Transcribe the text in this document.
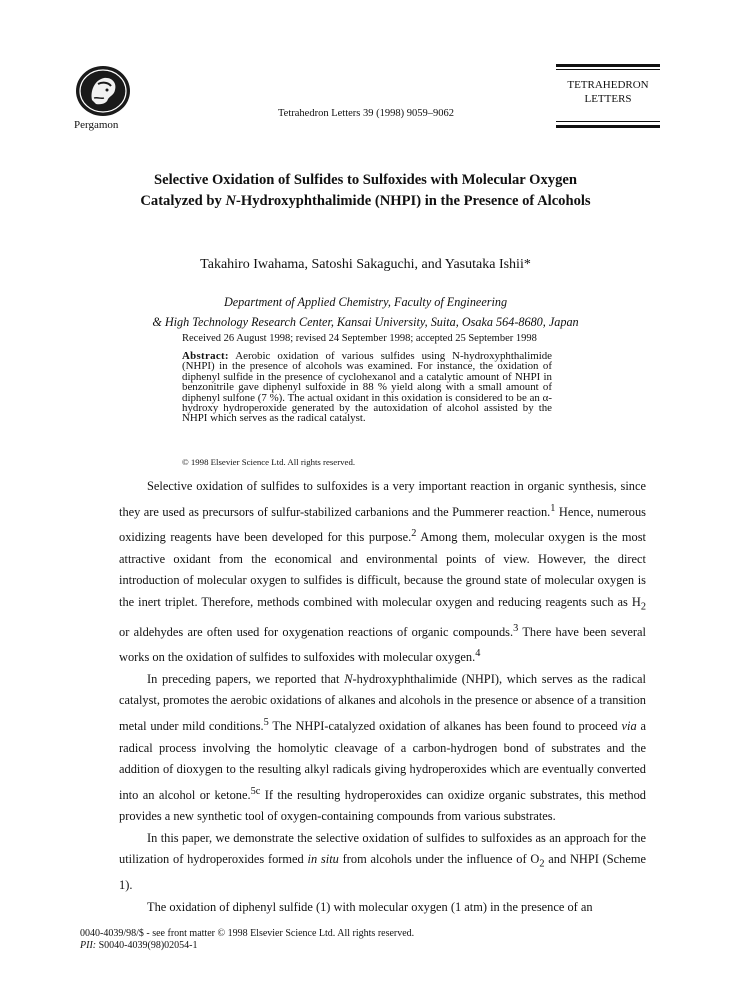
Pergamon
Tetrahedron Letters 39 (1998) 9059–9062
TETRAHEDRON
LETTERS
Selective Oxidation of Sulfides to Sulfoxides with Molecular Oxygen
Catalyzed by N-Hydroxyphthalimide (NHPI) in the Presence of Alcohols
Takahiro Iwahama, Satoshi Sakaguchi, and Yasutaka Ishii*
Department of Applied Chemistry, Faculty of Engineering
& High Technology Research Center, Kansai University, Suita, Osaka 564-8680, Japan
Received 26 August 1998; revised 24 September 1998; accepted 25 September 1998
Abstract: Aerobic oxidation of various sulfides using N-hydroxyphthalimide (NHPI) in the presence of alcohols was examined. For instance, the oxidation of diphenyl sulfide in the presence of cyclohexanol and a catalytic amount of NHPI in benzonitrile gave diphenyl sulfoxide in 88 % yield along with a small amount of diphenyl sulfone (7 %). The actual oxidant in this oxidation is considered to be an α-hydroxy hydroperoxide generated by the autoxidation of alcohol assisted by the NHPI which serves as the radical catalyst.
© 1998 Elsevier Science Ltd. All rights reserved.

Selective oxidation of sulfides to sulfoxides is a very important reaction in organic synthesis, since they are used as precursors of sulfur-stabilized carbanions and the Pummerer reaction.$^1$ Hence, numerous oxidizing reagents have been developed for this purpose.$^2$ Among them, molecular oxygen is the most attractive oxidant from the economical and environmental points of view. However, the direct introduction of molecular oxygen to sulfides is difficult, because the ground state of molecular oxygen is the inert triplet. Therefore, methods combined with molecular oxygen and reducing reagents such as $H_2$ or aldehydes are often used for oxygenation reactions of organic compounds.$^3$ There have been several works on the oxidation of sulfides to sulfoxides with molecular oxygen.$^4$

In preceding papers, we reported that N-hydroxyphthalimide (NHPI), which serves as the radical catalyst, promotes the aerobic oxidations of alkanes and alcohols in the presence or absence of a transition metal under mild conditions.$^5$ The NHPI-catalyzed oxidation of alkanes has been found to proceed via a radical process involving the homolytic cleavage of a carbon-hydrogen bond of substrates and the addition of dioxygen to the resulting alkyl radicals giving hydroperoxides which are eventually converted into an alcohol or ketone.$^{5c}$ If the resulting hydroperoxides can oxidize organic substrates, this method provides a new synthetic tool of oxygen-containing compounds from various substrates.

In this paper, we demonstrate the selective oxidation of sulfides to sulfoxides as an approach for the utilization of hydroperoxides formed in situ from alcohols under the influence of $O_2$ and NHPI (Scheme 1).

The oxidation of diphenyl sulfide (1) with molecular oxygen (1 atm) in the presence of an

0040-4039/98/$ - see front matter © 1998 Elsevier Science Ltd. All rights reserved.
PII: S0040-4039(98)02054-1
